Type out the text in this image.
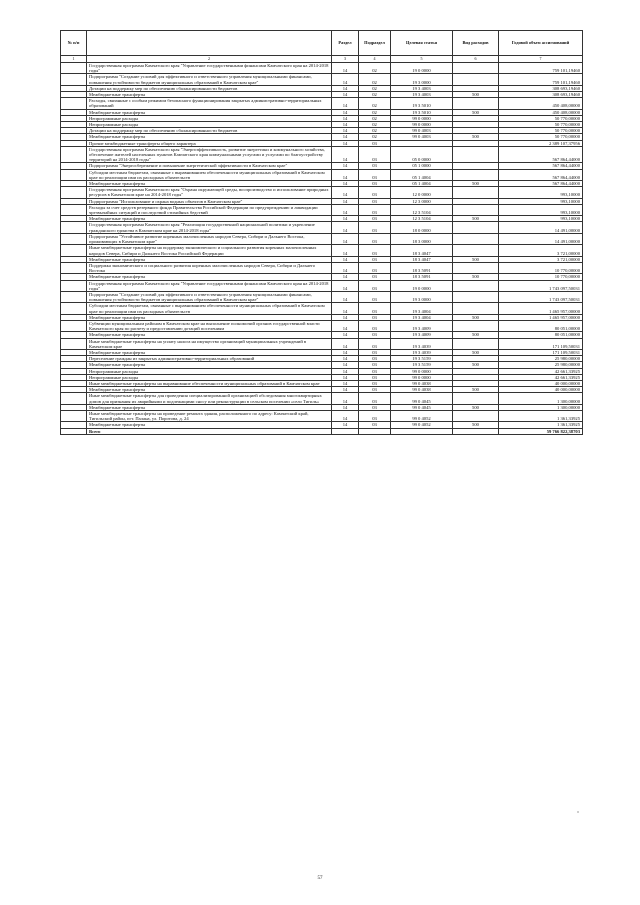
№ п/п		Раздел	Подраздел	Целевая статья	Вид расходов	Годовой объем ассигнований
1	2	3	4	5	6	7
	Государственная программа Камчатского края "Управление государственными финансами Камчатского края на 2014-2018 годы"	14	02	19 0 0000		759 101,19460
	Подпрограмма "Создание условий для эффективного и ответственного управления муниципальными финансами, повышения устойчивости бюджетов муниципальных образований в Камчатском крае"	14	02	19 3 0000		759 101,19460
	Дотации на поддержку мер по обеспечению сбалансированности бюджетов	14	02	19 3 4003		308 693,19460
	Межбюджетные трансферты	14	02	19 3 4003	500	308 693,19460
	Расходы, связанные с особым режимом безопасного функционирования закрытых административно-территориальных образований	14	02	19 3 5010		450 408,00000
	Межбюджетные трансферты	14	02	19 3 5010	500	450 408,00000
	Непрограммные расходы	14	02	99 0 0000		50 770,00000
	Непрограммные расходы	14	02	99 0 0000		50 770,00000
	Дотации на поддержку мер по обеспечению сбалансированности бюджетов	14	02	99 0 4003		50 770,00000
	Межбюджетные трансферты	14	02	99 0 4003	500	50 770,00000
	Прочие межбюджетные трансферты общего характера	14	03			2 389 107,37956
	Государственная программа Камчатского края "Энергоэффективность, развитие энергетики и коммунального хозяйства, обеспечение жителей населенных пунктов Камчатского края коммунальными услугами и услугами по благоустройству территорий на 2014-2018 годы"	14	03	05 0 0000		567 864,44000
	Подпрограмма "Энергосбережение и повышение энергетической эффективности в Камчатском крае"	14	03	05 1 0000		567 864,44000
	Субсидии местным бюджетам, связанные с выравниванием обеспеченности муниципальных образований в Камчатском крае по реализации ими их расходных обязательств	14	03	05 1 4004		567 864,44000
	Межбюджетные трансферты	14	03	05 1 4004	500	567 864,44000
	Государственная программа Камчатского края "Охрана окружающей среды, воспроизводство и использование природных ресурсов в Камчатском крае на 2014-2018 годы"	14	03	12 0 0000		993,10000
	Подпрограмма "Использование и охрана водных объектов в Камчатском крае"	14	03	12 3 0000		993,10000
	Расходы за счет средств резервного фонда Правительства Российской Федерации по предупреждению и ликвидации чрезвычайных ситуаций и последствий стихийных бедствий	14	03	12 3 5104		993,10000
	Межбюджетные трансферты	14	03	12 3 5104	500	993,10000
	Государственная программа Камчатского края "Реализация государственной национальной политики и укрепление гражданского единства в Камчатском крае на 2014-2018 годы"	14	03	18 0 0000		14 491,00000
	Подпрограмма "Устойчивое развитие коренных малочисленных народов Севера, Сибири и Дальнего Востока, проживающих в Камчатском крае"	14	03	18 3 0000		14 491,00000
	Иные межбюджетные трансферты на поддержку экономического и социального развития коренных малочисленных народов Севера, Сибири и Дальнего Востока Российской Федерации	14	03	18 3 4047		3 721,00000
	Межбюджетные трансферты	14	03	18 3 4047	500	3 721,00000
	Поддержка экономического и социального развития коренных малочисленных народов Севера, Сибири и Дальнего Востока	14	03	18 3 5091		10 770,00000
	Межбюджетные трансферты	14	03	18 3 5091	500	10 770,00000
	Государственная программа Камчатского края "Управление государственными финансами Камчатского края на 2014-2018 годы"	14	03	19 0 0000		1 743 097,50031
	Подпрограмма "Создание условий для эффективного и ответственного управления муниципальными финансами, повышения устойчивости бюджетов муниципальных образований в Камчатском крае"	14	03	19 3 0000		1 743 097,50031
	Субсидии местным бюджетам, связанные с выравниванием обеспеченности муниципальных образований в Камчатском крае по реализации ими их расходных обязательств	14	03	19 3 4004		1 465 957,00000
	Межбюджетные трансферты	14	03	19 3 4004	500	1 465 957,00000
	Субвенции муниципальным районам в Камчатском крае на выполнение полномочий органов государственной власти Камчатского края по расчету и предоставлению дотаций поселениям	14	03	19 3 4009		80 051,00000
	Межбюджетные трансферты	14	03	19 3 4009	500	80 051,00000
	Иные межбюджетные трансферты на уплату налога на имущество организаций муниципальных учреждений в Камчатском крае	14	03	19 3 4039		171 109,50031
	Межбюджетные трансферты	14	03	19 3 4039	500	171 109,50031
	Переселение граждан из закрытых административно-территориальных образований	14	03	19 3 5159		25 980,00000
	Межбюджетные трансферты	14	03	19 3 5159	500	25 980,00000
	Непрограммные расходы	14	03	99 0 0000		42 661,33925
	Непрограммные расходы	14	03	99 0 0000		42 661,33925
	Иные межбюджетные трансферты на выравнивание обеспеченности муниципальных образований в Камчатском крае	14	03	99 0 4038		40 000,00000
	Межбюджетные трансферты	14	03	99 0 4038	500	40 000,00000
	Иные межбюджетные трансферты для проведения специализированной организацией обследования многоквартирных домов для признания их аварийными и подлежащими сносу или реконструкции в сельском поселении «село Тигиль»	14	03	99 0 4045		1 300,00000
	Межбюджетные трансферты	14	03	99 0 4045	500	1 300,00000
	Иные межбюджетные трансферты на проведение ремонта здания, расположенного по адресу: Камчатский край, Тигильский район, пгт. Палана, ул. Поротова, д. 24	14	03	99 0 4052		1 361,33925
	Межбюджетные трансферты	14	03	99 0 4052	500	1 361,33925
	Всего					59 766 822,38703
"
57
